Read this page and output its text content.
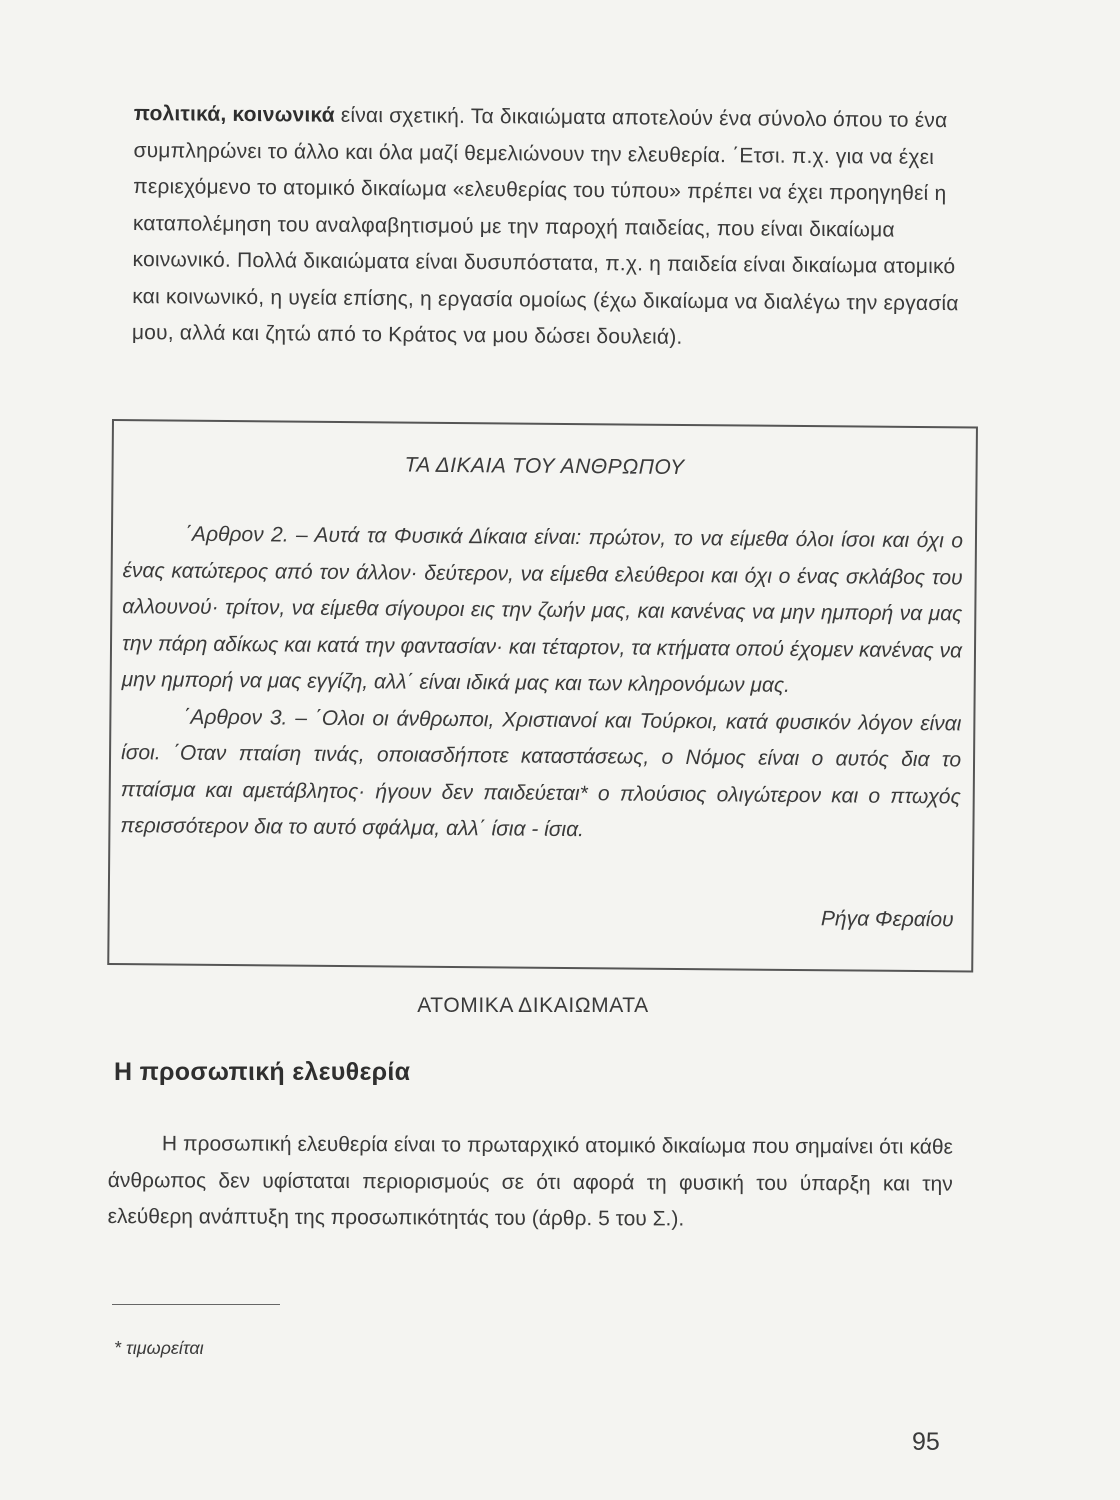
πολιτικά, κοινωνικά είναι σχετική. Τα δικαιώματα αποτελούν ένα σύνολο όπου το ένα συμπληρώνει το άλλο και όλα μαζί θεμελιώνουν την ελευθερία. ΄Ετσι. π.χ. για να έχει περιεχόμενο το ατομικό δικαίωμα «ελευθερίας του τύπου» πρέπει να έχει προηγηθεί η καταπολέμηση του αναλφαβητισμού με την παροχή παιδείας, που είναι δικαίωμα κοινωνικό. Πολλά δικαιώματα είναι δυσυπόστατα, π.χ. η παιδεία είναι δικαίωμα ατομικό και κοινωνικό, η υγεία επίσης, η εργασία ομοίως (έχω δικαίωμα να διαλέγω την εργασία μου, αλλά και ζητώ από το Κράτος να μου δώσει δουλειά).

ΤΑ ΔΙΚΑΙΑ ΤΟΥ ΑΝΘΡΩΠΟΥ

΄Αρθρον 2. – Αυτά τα Φυσικά Δίκαια είναι: πρώτον, το να είμεθα όλοι ίσοι και όχι ο ένας κατώτερος από τον άλλον· δεύτερον, να είμεθα ελεύθεροι και όχι ο ένας σκλάβος του αλλουνού· τρίτον, να είμεθα σίγουροι εις την ζωήν μας, και κανένας να μην ημπορή να μας την πάρη αδίκως και κατά την φαντασίαν· και τέταρτον, τα κτήματα οπού έχομεν κανένας να μην ημπορή να μας εγγίζη, αλλ΄ είναι ιδικά μας και των κληρονόμων μας.

΄Αρθρον 3. – ΄Ολοι οι άνθρωποι, Χριστιανοί και Τούρκοι, κατά φυσικόν λόγον είναι ίσοι. ΄Οταν πταίση τινάς, οποιασδήποτε καταστάσεως, ο Νόμος είναι ο αυτός δια το πταίσμα και αμετάβλητος· ήγουν δεν παιδεύεται* ο πλούσιος ολιγώτερον και ο πτωχός περισσότερον δια το αυτό σφάλμα, αλλ΄ ίσια - ίσια.

Ρήγα Φεραίου
ΑΤΟΜΙΚΑ ΔΙΚΑΙΩΜΑΤΑ
Η προσωπική ελευθερία
Η προσωπική ελευθερία είναι το πρωταρχικό ατομικό δικαίωμα που σημαίνει ότι κάθε άνθρωπος δεν υφίσταται περιορισμούς σε ότι αφορά τη φυσική του ύπαρξη και την ελεύθερη ανάπτυξη της προσωπικότητάς του (άρθρ. 5 του Σ.).
* τιμωρείται
95
